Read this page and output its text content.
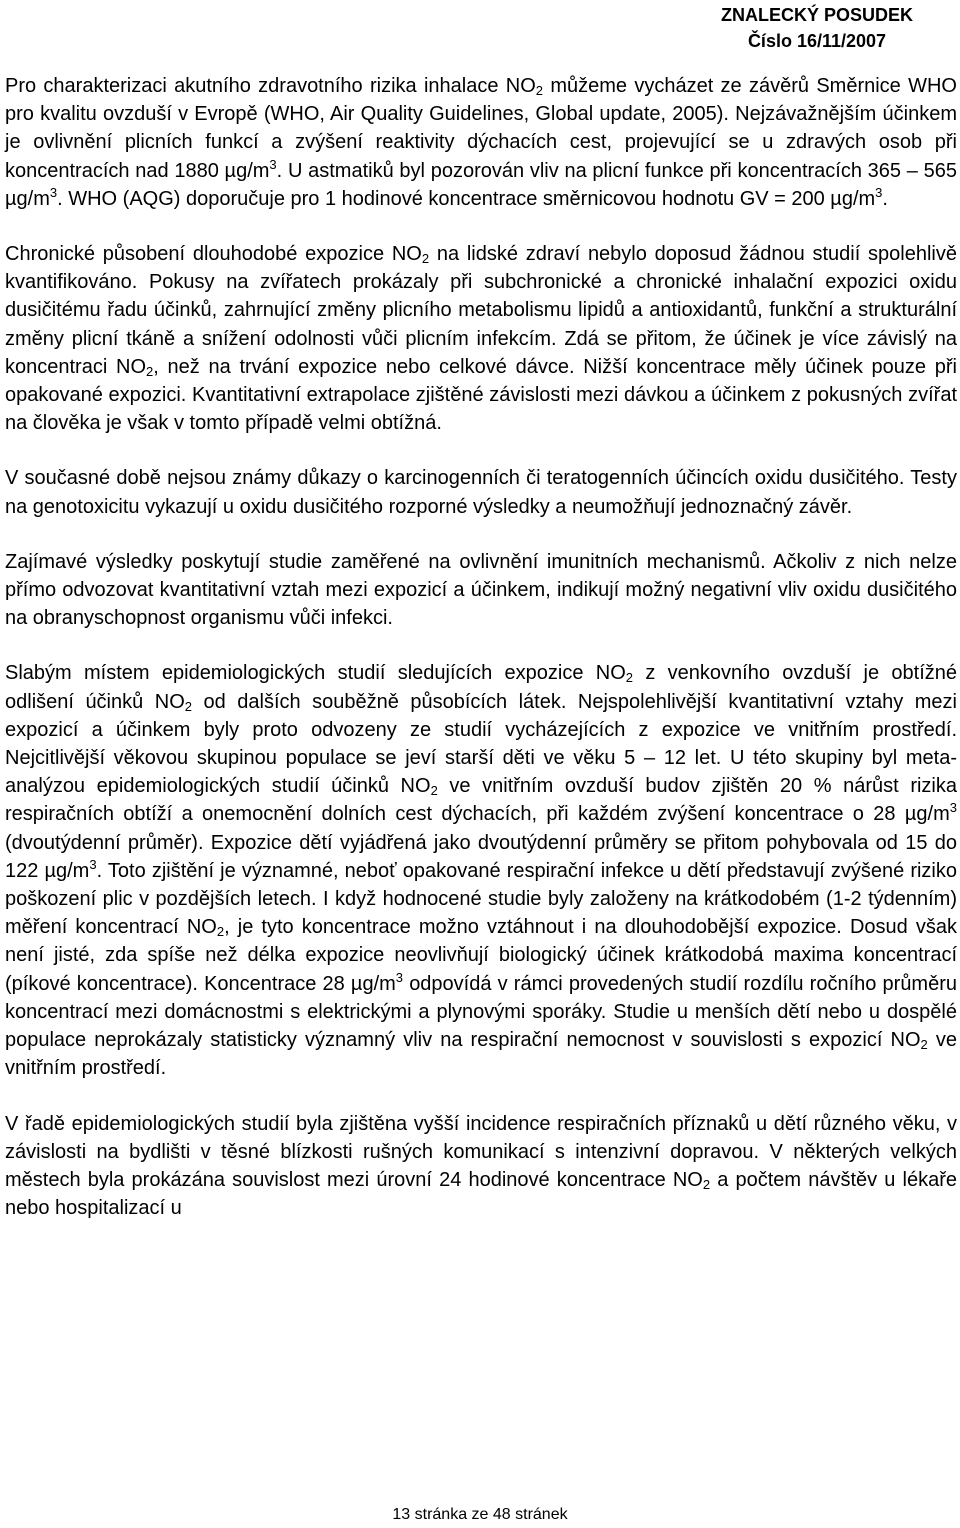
ZNALECKÝ POSUDEK
Číslo 16/11/2007

Pro charakterizaci akutního zdravotního rizika inhalace $NO_2$ můžeme vycházet ze závěrů Směrnice WHO pro kvalitu ovzduší v Evropě (WHO, Air Quality Guidelines, Global update, 2005). Nejzávažnějším účinkem je ovlivnění plicních funkcí a zvýšení reaktivity dýchacích cest, projevující se u zdravých osob při koncentracích nad 1880 $\mu g/m^3$. U astmatiků byl pozorován vliv na plicní funkce při koncentracích 365 – 565 $\mu g/m^3$. WHO (AQG) doporučuje pro 1 hodinové koncentrace směrnicovou hodnotu GV = 200 $\mu g/m^3$.

Chronické působení dlouhodobé expozice $NO_2$ na lidské zdraví nebylo doposud žádnou studií spolehlivě kvantifikováno. Pokusy na zvířatech prokázaly při subchronické a chronické inhalační expozici oxidu dusičitému řadu účinků, zahrnující změny plicního metabolismu lipidů a antioxidantů, funkční a strukturální změny plicní tkáně a snížení odolnosti vůči plicním infekcím. Zdá se přitom, že účinek je více závislý na koncentraci $NO_2$, než na trvání expozice nebo celkové dávce. Nižší koncentrace měly účinek pouze při opakované expozici. Kvantitativní extrapolace zjištěné závislosti mezi dávkou a účinkem z pokusných zvířat na člověka je však v tomto případě velmi obtížná.

V současné době nejsou známy důkazy o karcinogenních či teratogenních účincích oxidu dusičitého. Testy na genotoxicitu vykazují u oxidu dusičitého rozporné výsledky a neumožňují jednoznačný závěr.

Zajímavé výsledky poskytují studie zaměřené na ovlivnění imunitních mechanismů. Ačkoliv z nich nelze přímo odvozovat kvantitativní vztah mezi expozicí a účinkem, indikují možný negativní vliv oxidu dusičitého na obranyschopnost organismu vůči infekci.

Slabým místem epidemiologických studií sledujících expozice $NO_2$ z venkovního ovzduší je obtížné odlišení účinků $NO_2$ od dalších souběžně působících látek. Nejspolehlivější kvantitativní vztahy mezi expozicí a účinkem byly proto odvozeny ze studií vycházejících z expozice ve vnitřním prostředí. Nejcitlivější věkovou skupinou populace se jeví starší děti ve věku 5 – 12 let. U této skupiny byl meta-analýzou epidemiologických studií účinků $NO_2$ ve vnitřním ovzduší budov zjištěn 20 % nárůst rizika respiračních obtíží a onemocnění dolních cest dýchacích, při každém zvýšení koncentrace o 28 $\mu g/m^3$ (dvoutýdenní průměr). Expozice dětí vyjádřená jako dvoutýdenní průměry se přitom pohybovala od 15 do 122 $\mu g/m^3$. Toto zjištění je významné, neboť opakované respirační infekce u dětí představují zvýšené riziko poškození plic v pozdějších letech. I když hodnocené studie byly založeny na krátkodobém (1-2 týdenním) měření koncentrací $NO_2$, je tyto koncentrace možno vztáhnout i na dlouhodobější expozice. Dosud však není jisté, zda spíše než délka expozice neovlivňují biologický účinek krátkodobá maxima koncentrací (píkové koncentrace). Koncentrace 28 $\mu g/m^3$ odpovídá v rámci provedených studií rozdílu ročního průměru koncentrací mezi domácnostmi s elektrickými a plynovými sporáky. Studie u menších dětí nebo u dospělé populace neprokázaly statisticky významný vliv na respirační nemocnost v souvislosti s expozicí $NO_2$ ve vnitřním prostředí.

V řadě epidemiologických studií byla zjištěna vyšší incidence respiračních příznaků u dětí různého věku, v závislosti na bydlišti v těsné blízkosti rušných komunikací s intenzivní dopravou. V některých velkých městech byla prokázána souvislost mezi úrovní 24 hodinové koncentrace $NO_2$ a počtem návštěv u lékaře nebo hospitalizací u

13 stránka ze 48 stránek
